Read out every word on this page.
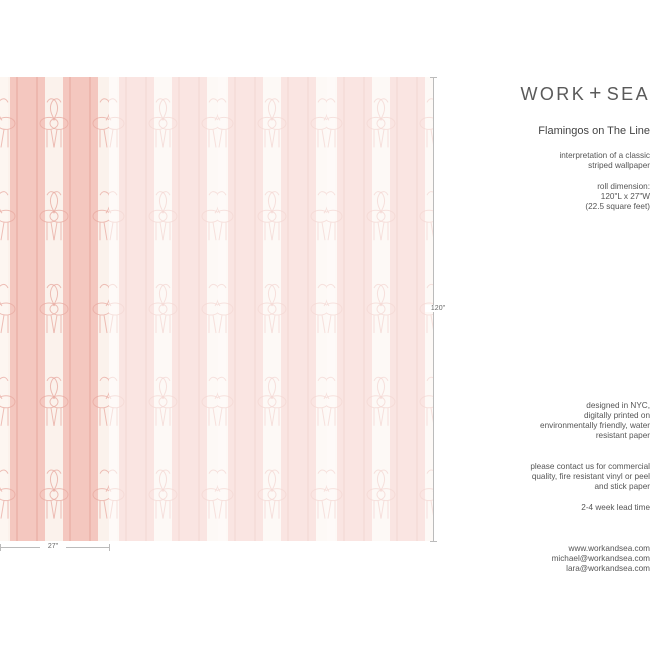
120"
27"
WORK + SEA
Flamingos on The Line
interpretation of a classic
striped wallpaper
roll dimension:
120"L x 27"W
(22.5 square feet)
designed in NYC,
digitally printed on
environmentally friendly, water
resistant paper
please contact us for commercial
quality, fire resistant vinyl or peel
and stick paper
2-4 week lead time
www.workandsea.com
michael@workandsea.com
lara@workandsea.com
